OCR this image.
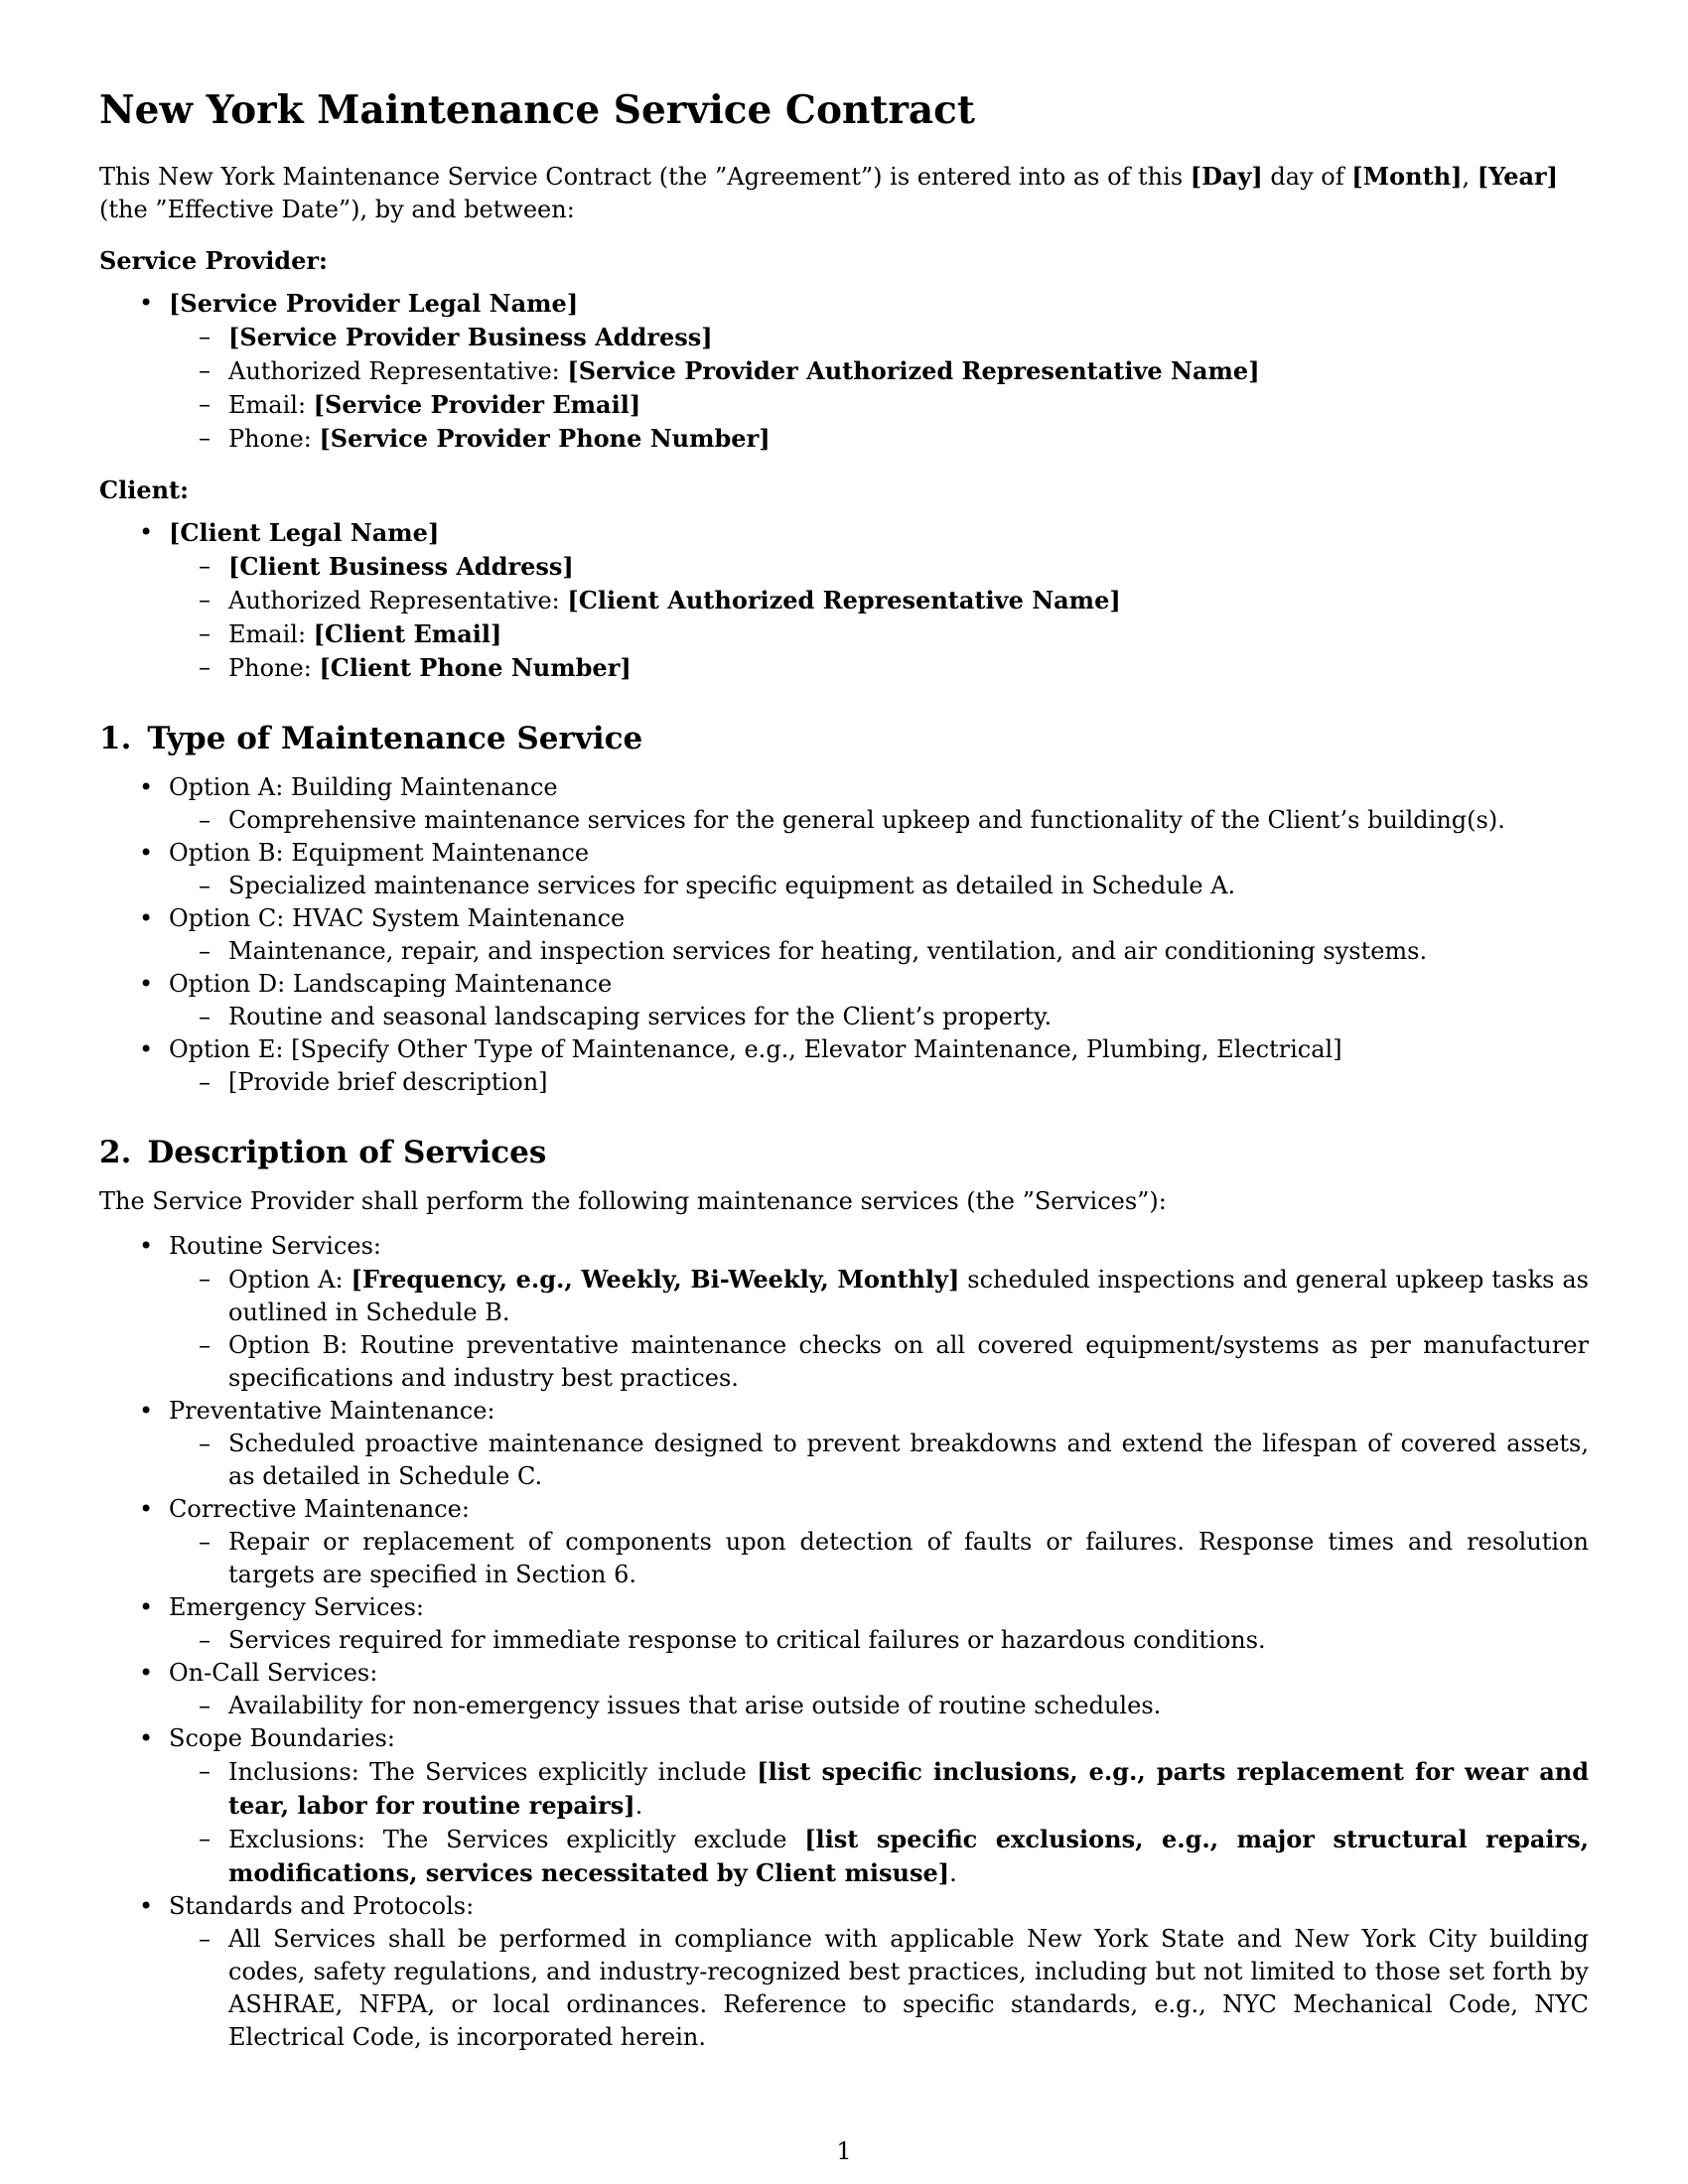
New York Maintenance Service Contract

This New York Maintenance Service Contract (the ”Agreement”) is entered into as of this [Day] day of [Month], [Year] (the ”Effective Date”), by and between:

Service Provider:
• [Service Provider Legal Name]
– [Service Provider Business Address]
– Authorized Representative: [Service Provider Authorized Representative Name]
– Email: [Service Provider Email]
– Phone: [Service Provider Phone Number]
Client:
• [Client Legal Name]
– [Client Business Address]
– Authorized Representative: [Client Authorized Representative Name]
– Email: [Client Email]
– Phone: [Client Phone Number]
1. Type of Maintenance Service
• Option A: Building Maintenance
– Comprehensive maintenance services for the general upkeep and functionality of the Client’s building(s).
• Option B: Equipment Maintenance
– Specialized maintenance services for specific equipment as detailed in Schedule A.
• Option C: HVAC System Maintenance
– Maintenance, repair, and inspection services for heating, ventilation, and air conditioning systems.
• Option D: Landscaping Maintenance
– Routine and seasonal landscaping services for the Client’s property.
• Option E: [Specify Other Type of Maintenance, e.g., Elevator Maintenance, Plumbing, Electrical]
– [Provide brief description]
2. Description of Services

The Service Provider shall perform the following maintenance services (the ”Services”):

• Routine Services:
– Option A: [Frequency, e.g., Weekly, Bi-Weekly, Monthly] scheduled inspections and general upkeep tasks as outlined in Schedule B.
– Option B: Routine preventative maintenance checks on all covered equipment/systems as per manufacturer specifications and industry best practices.
• Preventative Maintenance:
– Scheduled proactive maintenance designed to prevent breakdowns and extend the lifespan of covered assets, as detailed in Schedule C.
• Corrective Maintenance:
– Repair or replacement of components upon detection of faults or failures. Response times and resolution targets are specified in Section 6.
• Emergency Services:
– Services required for immediate response to critical failures or hazardous conditions.
• On-Call Services:
– Availability for non-emergency issues that arise outside of routine schedules.
• Scope Boundaries:
– Inclusions: The Services explicitly include [list specific inclusions, e.g., parts replacement for wear and tear, labor for routine repairs].
– Exclusions: The Services explicitly exclude [list specific exclusions, e.g., major structural repairs, modifications, services necessitated by Client misuse].
• Standards and Protocols:
– All Services shall be performed in compliance with applicable New York State and New York City building codes, safety regulations, and industry-recognized best practices, including but not limited to those set forth by ASHRAE, NFPA, or local ordinances. Reference to specific standards, e.g., NYC Mechanical Code, NYC Electrical Code, is incorporated herein.
1
